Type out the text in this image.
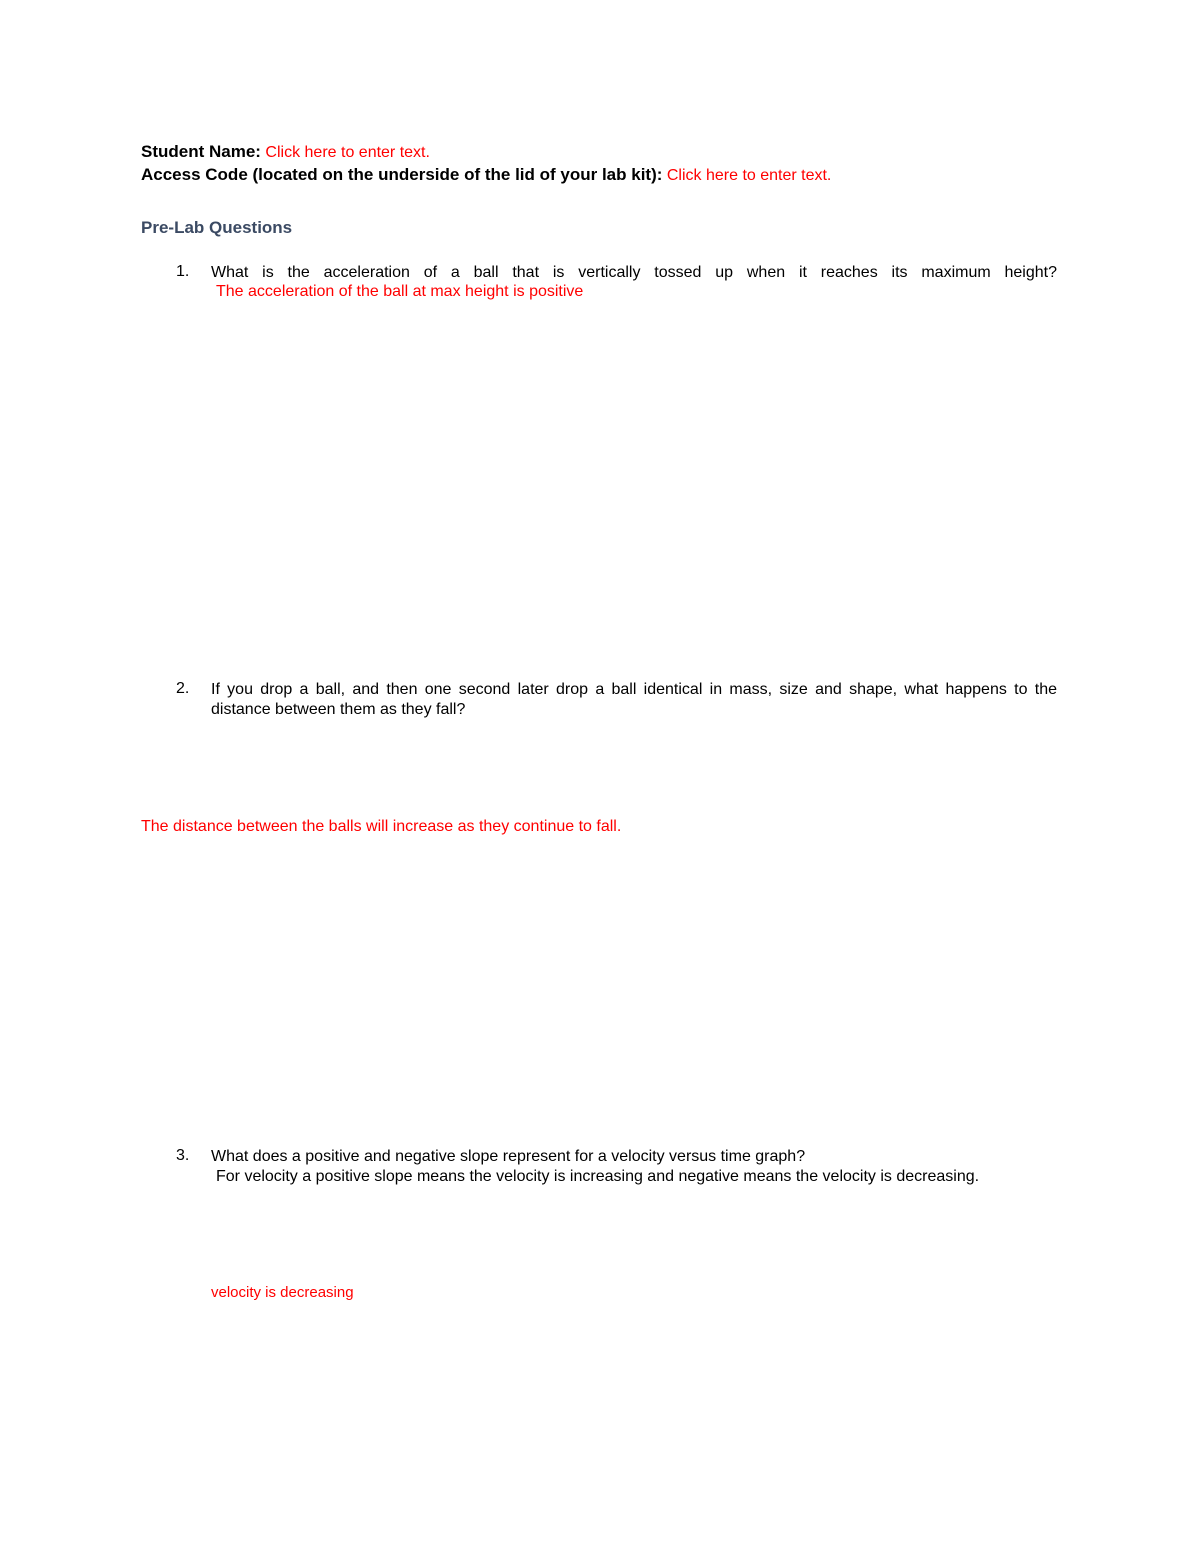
Student Name: Click here to enter text.
Access Code (located on the underside of the lid of your lab kit): Click here to enter text.
Pre-Lab Questions
1. What is the acceleration of a ball that is vertically tossed up when it reaches its maximum height?
The acceleration of the ball at max height is positive
2. If you drop a ball, and then one second later drop a ball identical in mass, size and shape, what happens to the
distance between them as they fall?
The distance between the balls will increase as they continue to fall.
3. What does a positive and negative slope represent for a velocity versus time graph?
For velocity a positive slope means the velocity is increasing and negative means the velocity is decreasing.
velocity is decreasing
